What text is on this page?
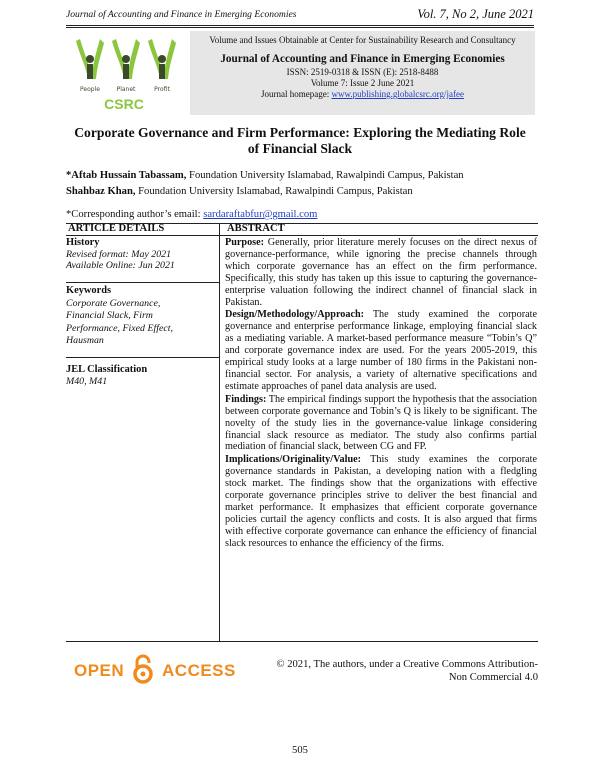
Journal of Accounting and Finance in Emerging Economies	Vol. 7, No 2, June 2021
People	Planet	Profit
CSRC
Volume and Issues Obtainable at Center for Sustainability Research and Consultancy
Journal of Accounting and Finance in Emerging Economies
ISSN: 2519-0318 & ISSN (E): 2518-8488
Volume 7: Issue 2 June 2021
Journal homepage: www.publishing.globalcsrc.org/jafee
Corporate Governance and Firm Performance: Exploring the Mediating Role
of Financial Slack
*Aftab Hussain Tabassam, Foundation University Islamabad, Rawalpindi Campus, Pakistan
Shahbaz Khan, Foundation University Islamabad, Rawalpindi Campus, Pakistan
*Corresponding author’s email: sardaraftabfur@gmail.com
ARTICLE DETAILS	ABSTRACT
History
Revised format: May 2021
Available Online: Jun 2021
Keywords
Corporate Governance,
Financial Slack, Firm
Performance, Fixed Effect,
Hausman
JEL Classification
M40, M41

Purpose: Generally, prior literature merely focuses on the direct nexus of governance-performance, while ignoring the precise channels through which corporate governance has an effect on the firm performance. Specifically, this study has taken up this issue to capturing the governance-enterprise valuation following the indirect channel of financial slack in Pakistan.

Design/Methodology/Approach: The study examined the corporate governance and enterprise performance linkage, employing financial slack as a mediating variable. A market-based performance measure “Tobin’s Q” and corporate governance index are used. For the years 2005-2019, this empirical study looks at a large number of 180 firms in the Pakistani non-financial sector. For analysis, a variety of alternative specifications and estimate approaches of panel data analysis are used.

Findings: The empirical findings support the hypothesis that the association between corporate governance and Tobin’s Q is likely to be significant. The novelty of the study lies in the governance-value linkage considering financial slack resource as mediator. The study also confirms partial mediation of financial slack, between CG and FP.

Implications/Originality/Value: This study examines the corporate governance standards in Pakistan, a developing nation with a fledgling stock market. The findings show that the organizations with effective corporate governance principles strive to deliver the best financial and market performance. It emphasizes that efficient corporate governance policies curtail the agency conflicts and costs. It is also argued that firms with effective corporate governance can enhance the efficiency of financial slack resources to enhance the efficiency of the firms.

OPEN ACCESS	© 2021, The authors, under a Creative Commons Attribution-
Non Commercial 4.0
505
